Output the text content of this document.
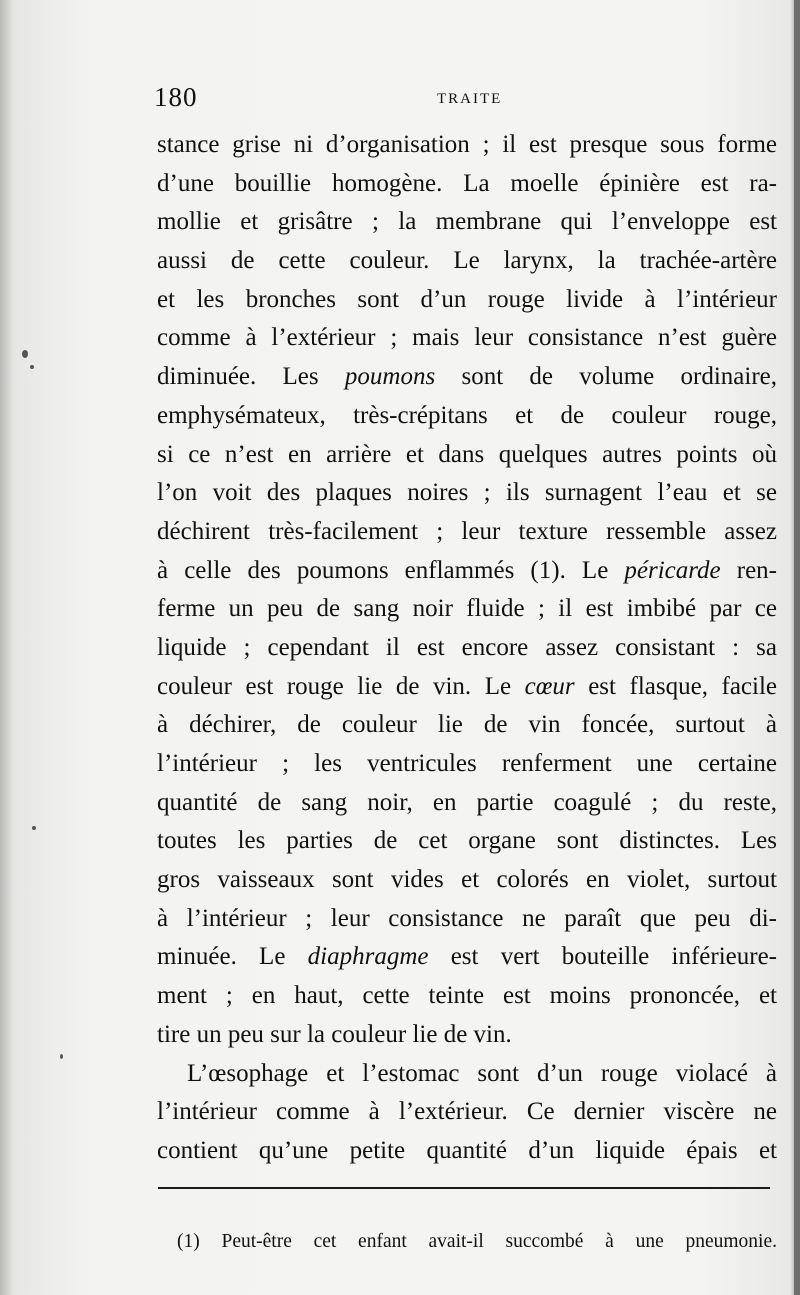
180	TRAITE
stance grise ni d’organisation ; il est presque sous forme
d’une bouillie homogène. La moelle épinière est ra-
mollie et grisâtre ; la membrane qui l’enveloppe est
aussi de cette couleur. Le larynx, la trachée-artère
et les bronches sont d’un rouge livide à l’intérieur
comme à l’extérieur ; mais leur consistance n’est guère
diminuée. Les poumons sont de volume ordinaire,
emphysémateux, très-crépitans et de couleur rouge,
si ce n’est en arrière et dans quelques autres points où
l’on voit des plaques noires ; ils surnagent l’eau et se
déchirent très-facilement ; leur texture ressemble assez
à celle des poumons enflammés (1). Le péricarde ren-
ferme un peu de sang noir fluide ; il est imbibé par ce
liquide ; cependant il est encore assez consistant : sa
couleur est rouge lie de vin. Le cœur est flasque, facile
à déchirer, de couleur lie de vin foncée, surtout à
l’intérieur ; les ventricules renferment une certaine
quantité de sang noir, en partie coagulé ; du reste,
toutes les parties de cet organe sont distinctes. Les
gros vaisseaux sont vides et colorés en violet, surtout
à l’intérieur ; leur consistance ne paraît que peu di-
minuée. Le diaphragme est vert bouteille inférieure-
ment ; en haut, cette teinte est moins prononcée, et
tire un peu sur la couleur lie de vin.
L’œsophage et l’estomac sont d’un rouge violacé à
l’intérieur comme à l’extérieur. Ce dernier viscère ne
contient qu’une petite quantité d’un liquide épais et
(1) Peut-être cet enfant avait-il succombé à une pneumonie.
